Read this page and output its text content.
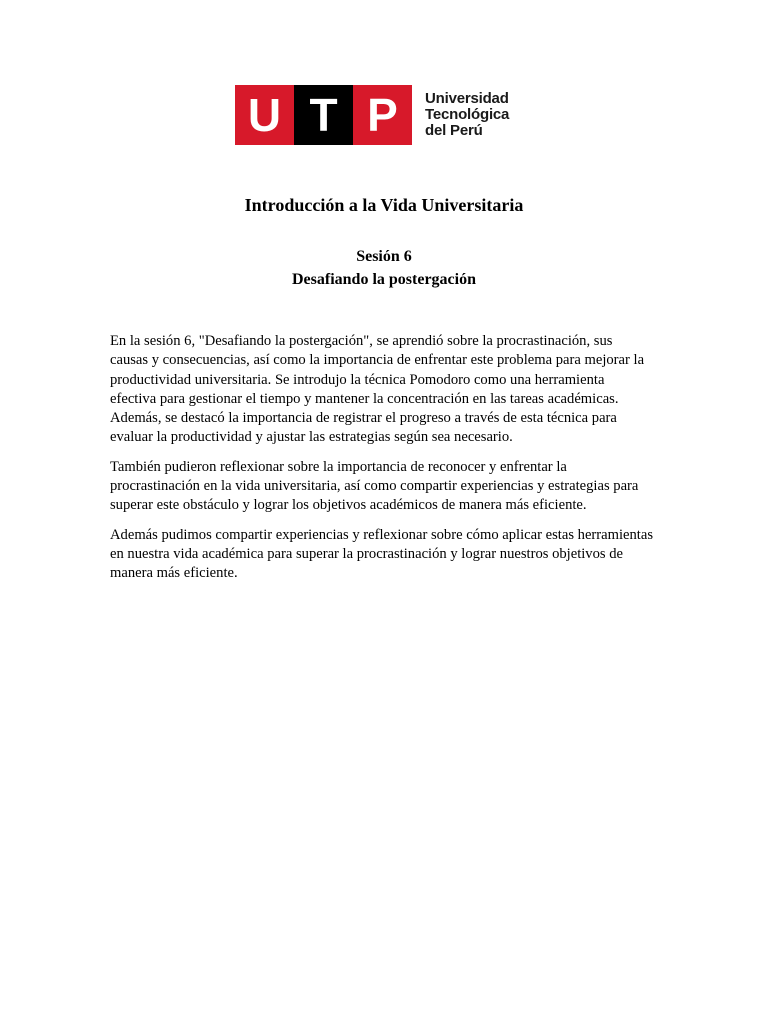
U T P	Universidad
Tecnológica
del Perú
Introducción a la Vida Universitaria
Sesión 6
Desafiando la postergación

En la sesión 6, "Desafiando la postergación", se aprendió sobre la procrastinación, sus causas y consecuencias, así como la importancia de enfrentar este problema para mejorar la productividad universitaria. Se introdujo la técnica Pomodoro como una herramienta efectiva para gestionar el tiempo y mantener la concentración en las tareas académicas. Además, se destacó la importancia de registrar el progreso a través de esta técnica para evaluar la productividad y ajustar las estrategias según sea necesario.

También pudieron reflexionar sobre la importancia de reconocer y enfrentar la procrastinación en la vida universitaria, así como compartir experiencias y estrategias para superar este obstáculo y lograr los objetivos académicos de manera más eficiente.

Además pudimos compartir experiencias y reflexionar sobre cómo aplicar estas herramientas en nuestra vida académica para superar la procrastinación y lograr nuestros objetivos de manera más eficiente.
